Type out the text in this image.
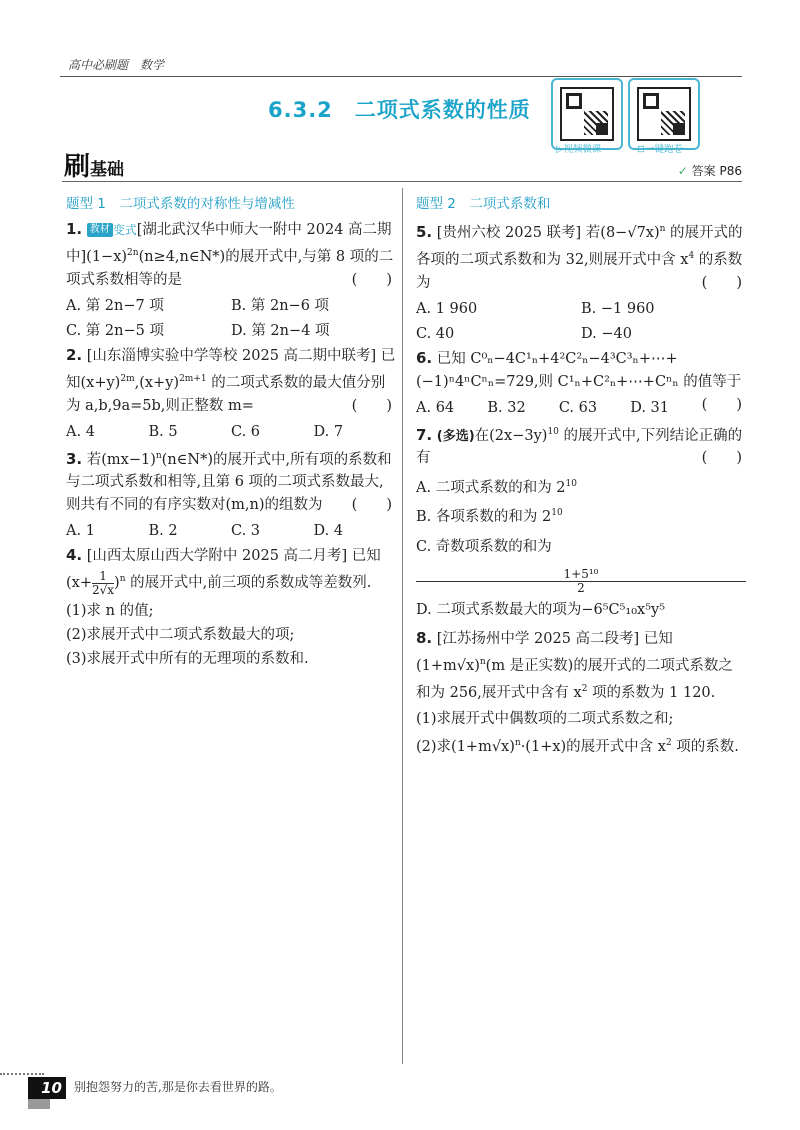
高中必刷题　数学
6.3.2　二项式系数的性质
▷视频微课	⊡一键跑卷
刷基础	✓ 答案 P86
题型 1　二项式系数的对称性与增减性
1. 教材 变式[湖北武汉华中师大一附中 2024 高二期中]$(1-x)^{2n}(n\ge 4,n\in N*)$的展开式中,与第 8 项的二项式系数相等的是	(　　)
A. 第 2n−7 项	B. 第 2n−6 项
C. 第 2n−5 项	D. 第 2n−4 项
2. [山东淄博实验中学等校 2025 高二期中联考] 已知$(x+y)^{2m},(x+y)^{2m+1}$ 的二项式系数的最大值分别为 a,b,9a=5b,则正整数 m=	(　　)
A. 4	B. 5	C. 6	D. 7
3. 若$(mx-1)^n(n\in N*)$的展开式中,所有项的系数和与二项式系数和相等,且第 6 项的二项式系数最大,则共有不同的有序实数对(m,n)的组数为 (　　)
A. 1	B. 2	C. 3	D. 4
4. [山西太原山西大学附中 2025 高二月考] 已知
$(x+ \frac{1}{2√x} )^n$ 的展开式中,前三项的系数成等差数列.
(1)求 n 的值;
(2)求展开式中二项式系数最大的项;
(3)求展开式中所有的无理项的系数和.
题型 2　二项式系数和
5. [贵州六校 2025 联考] 若$(8-√7x)^n$ 的展开式的各项的二项式系数和为 32,则展开式中含 $x^4$ 的系数为	(　　)
A. 1 960	B. −1 960
C. 40	D. −40
6. 已知 C⁰ₙ−4C¹ₙ+4²C²ₙ−4³C³ₙ+⋯+(−1)ⁿ4ⁿCⁿₙ=729,则 C¹ₙ+C²ₙ+⋯+Cⁿₙ 的值等于
(　　)
A. 64	B. 32	C. 63	D. 31
7. (多选)在$(2x-3y)^{10}$ 的展开式中,下列结论正确的有	(　　)
A. 二项式系数的和为 $2^{10}$
B. 各项系数的和为 $2^{10}$
C. 奇数项系数的和为
$\frac{\text{1+5¹⁰}}{2}$
D. 二项式系数最大的项为−6⁵C⁵₁₀x⁵y⁵
8. [江苏扬州中学 2025 高二段考] 已知$(1+m√x)^n(m$ 是正实数)的展开式的二项式系数之和为 256,展开式中含有 $x^2$ 项的系数为 1 120.
(1)求展开式中偶数项的二项式系数之和;
(2)求$(1+m√x)^n\cdot(1+x)$的展开式中含 $x^2$ 项的系数.
10	别抱怨努力的苦,那是你去看世界的路。
